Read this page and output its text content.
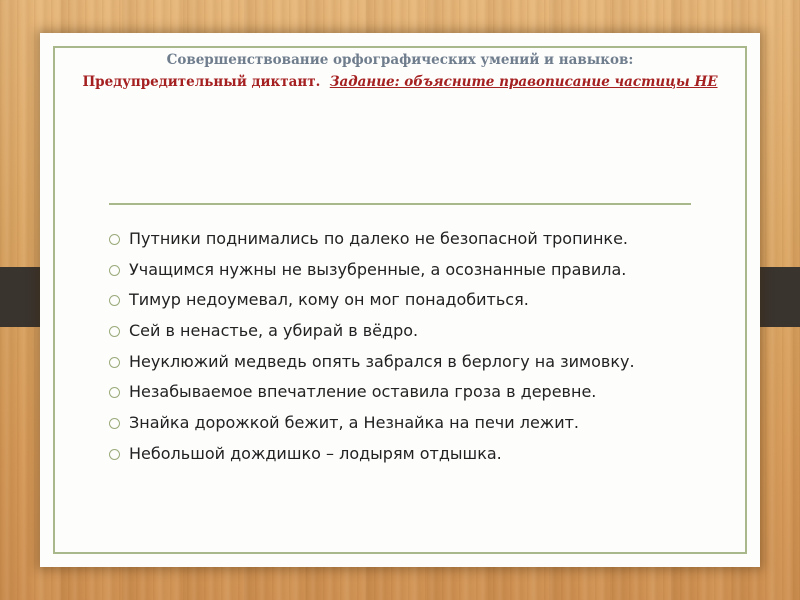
Совершенствование орфографических умений и навыков:
Предупредительный диктант. Задание: объясните правописание частицы НЕ
Путники поднимались по далеко не безопасной тропинке.
Учащимся нужны не вызубренные, а осознанные правила.
Тимур недоумевал, кому он мог понадобиться.
Сей в ненастье, а убирай в вёдро.
Неуклюжий медведь опять забрался в берлогу на зимовку.
Незабываемое впечатление оставила гроза в деревне.
Знайка дорожкой бежит, а Незнайка на печи лежит.
Небольшой дождишко – лодырям отдышка.
